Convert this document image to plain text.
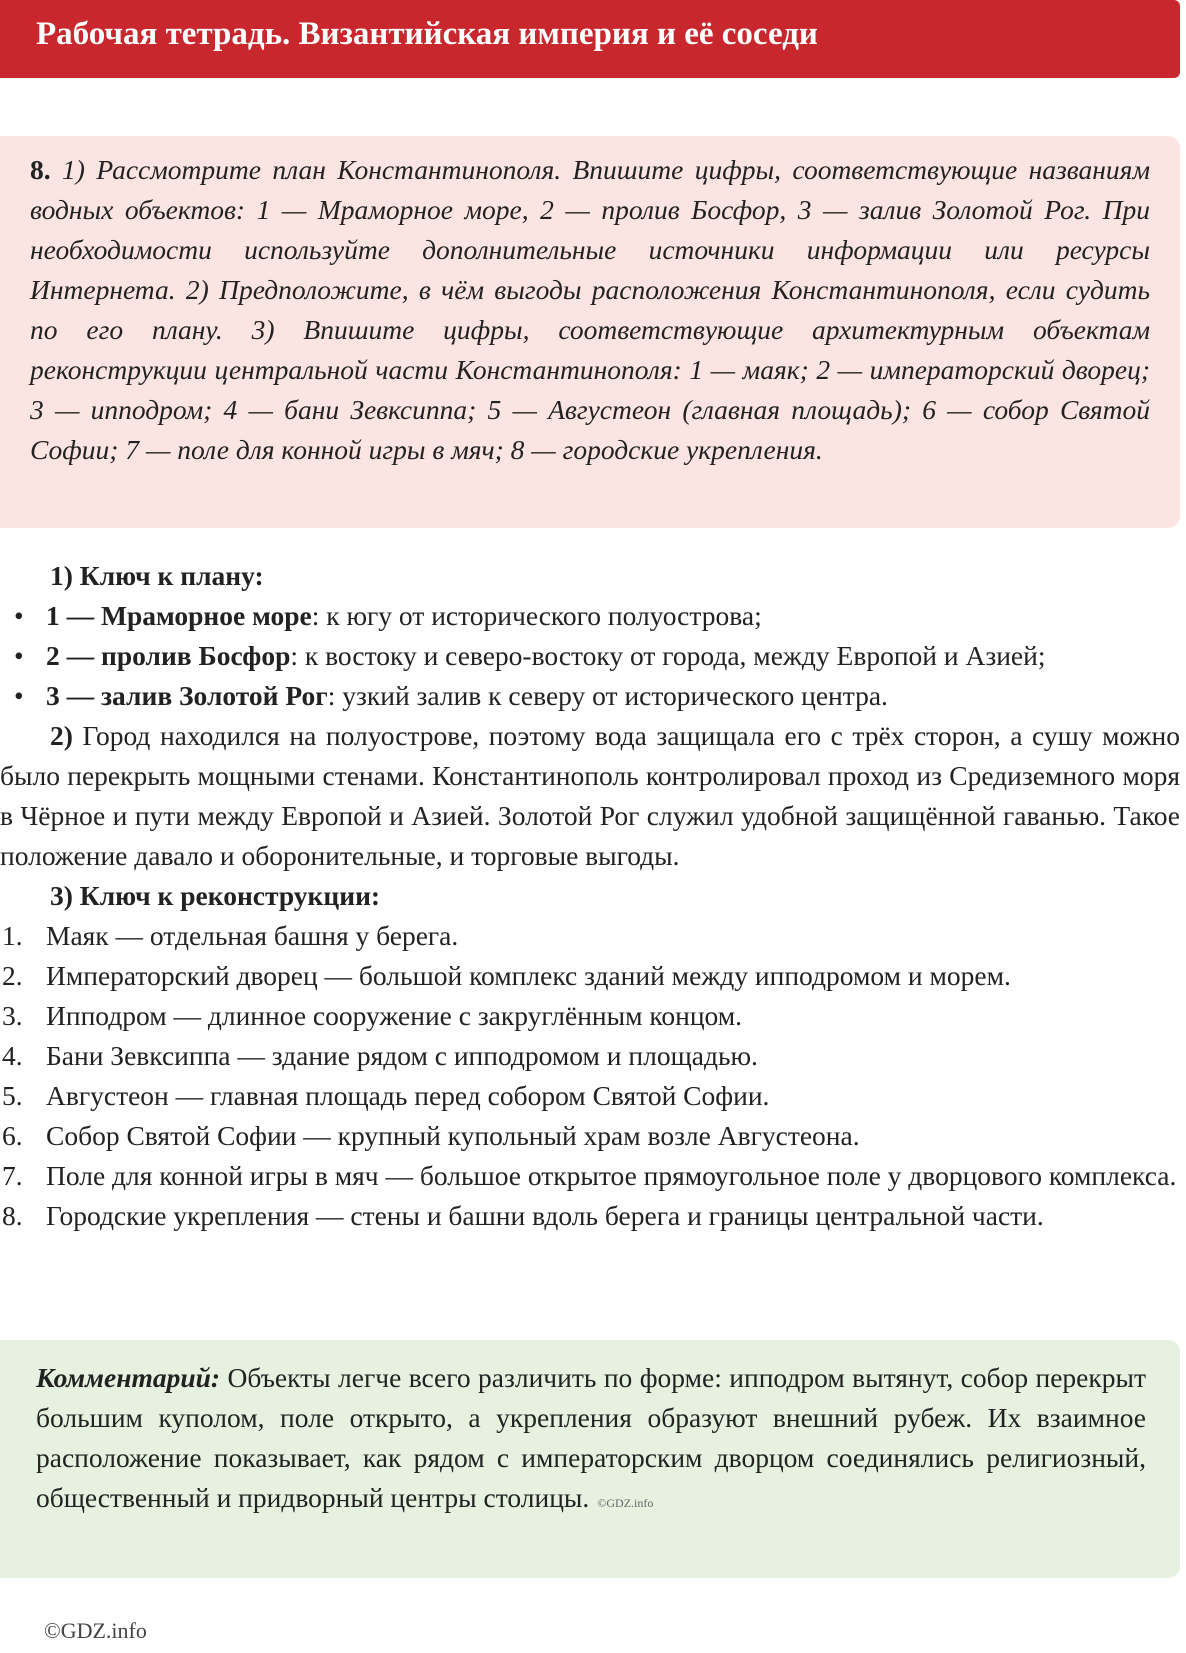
Рабочая тетрадь. Византийская империя и её соседи
8. 1) Рассмотрите план Константинополя. Впишите цифры, соответствующие названиям водных объектов: 1 — Мраморное море, 2 — пролив Босфор, 3 — залив Золотой Рог. При необходимости используйте дополнительные источники информации или ресурсы Интернета. 2) Предположите, в чём выгоды расположения Константинополя, если судить по его плану. 3) Впишите цифры, соответствующие архитектурным объектам реконструкции центральной части Константинополя: 1 — маяк; 2 — императорский дворец; 3 — ипподром; 4 — бани Зевксиппа; 5 — Августеон (главная площадь); 6 — собор Святой Софии; 7 — поле для конной игры в мяч; 8 — городские укрепления.

1) Ключ к плану:

• 1 — Мраморное море: к югу от исторического полуострова;

• 2 — пролив Босфор: к востоку и северо-востоку от города, между Европой и Азией;

• 3 — залив Золотой Рог: узкий залив к северу от исторического центра.

2) Город находился на полуострове, поэтому вода защищала его с трёх сторон, а сушу можно было перекрыть мощными стенами. Константинополь контролировал проход из Средиземного моря в Чёрное и пути между Европой и Азией. Золотой Рог служил удобной защищённой гаванью. Такое положение давало и оборонительные, и торговые выгоды.

3) Ключ к реконструкции:

1. Маяк — отдельная башня у берега.

2. Императорский дворец — большой комплекс зданий между ипподромом и морем.

3. Ипподром — длинное сооружение с закруглённым концом.

4. Бани Зевксиппа — здание рядом с ипподромом и площадью.

5. Августеон — главная площадь перед собором Святой Софии.

6. Собор Святой Софии — крупный купольный храм возле Августеона.

7. Поле для конной игры в мяч — большое открытое прямоугольное поле у дворцового комплекса.

8. Городские укрепления — стены и башни вдоль берега и границы центральной части.

Комментарий: Объекты легче всего различить по форме: ипподром вытянут, собор перекрыт большим куполом, поле открыто, а укрепления образуют внешний рубеж. Их взаимное расположение показывает, как рядом с императорским дворцом соединялись религиозный, общественный и придворный центры столицы. ©GDZ.info
©GDZ.info
